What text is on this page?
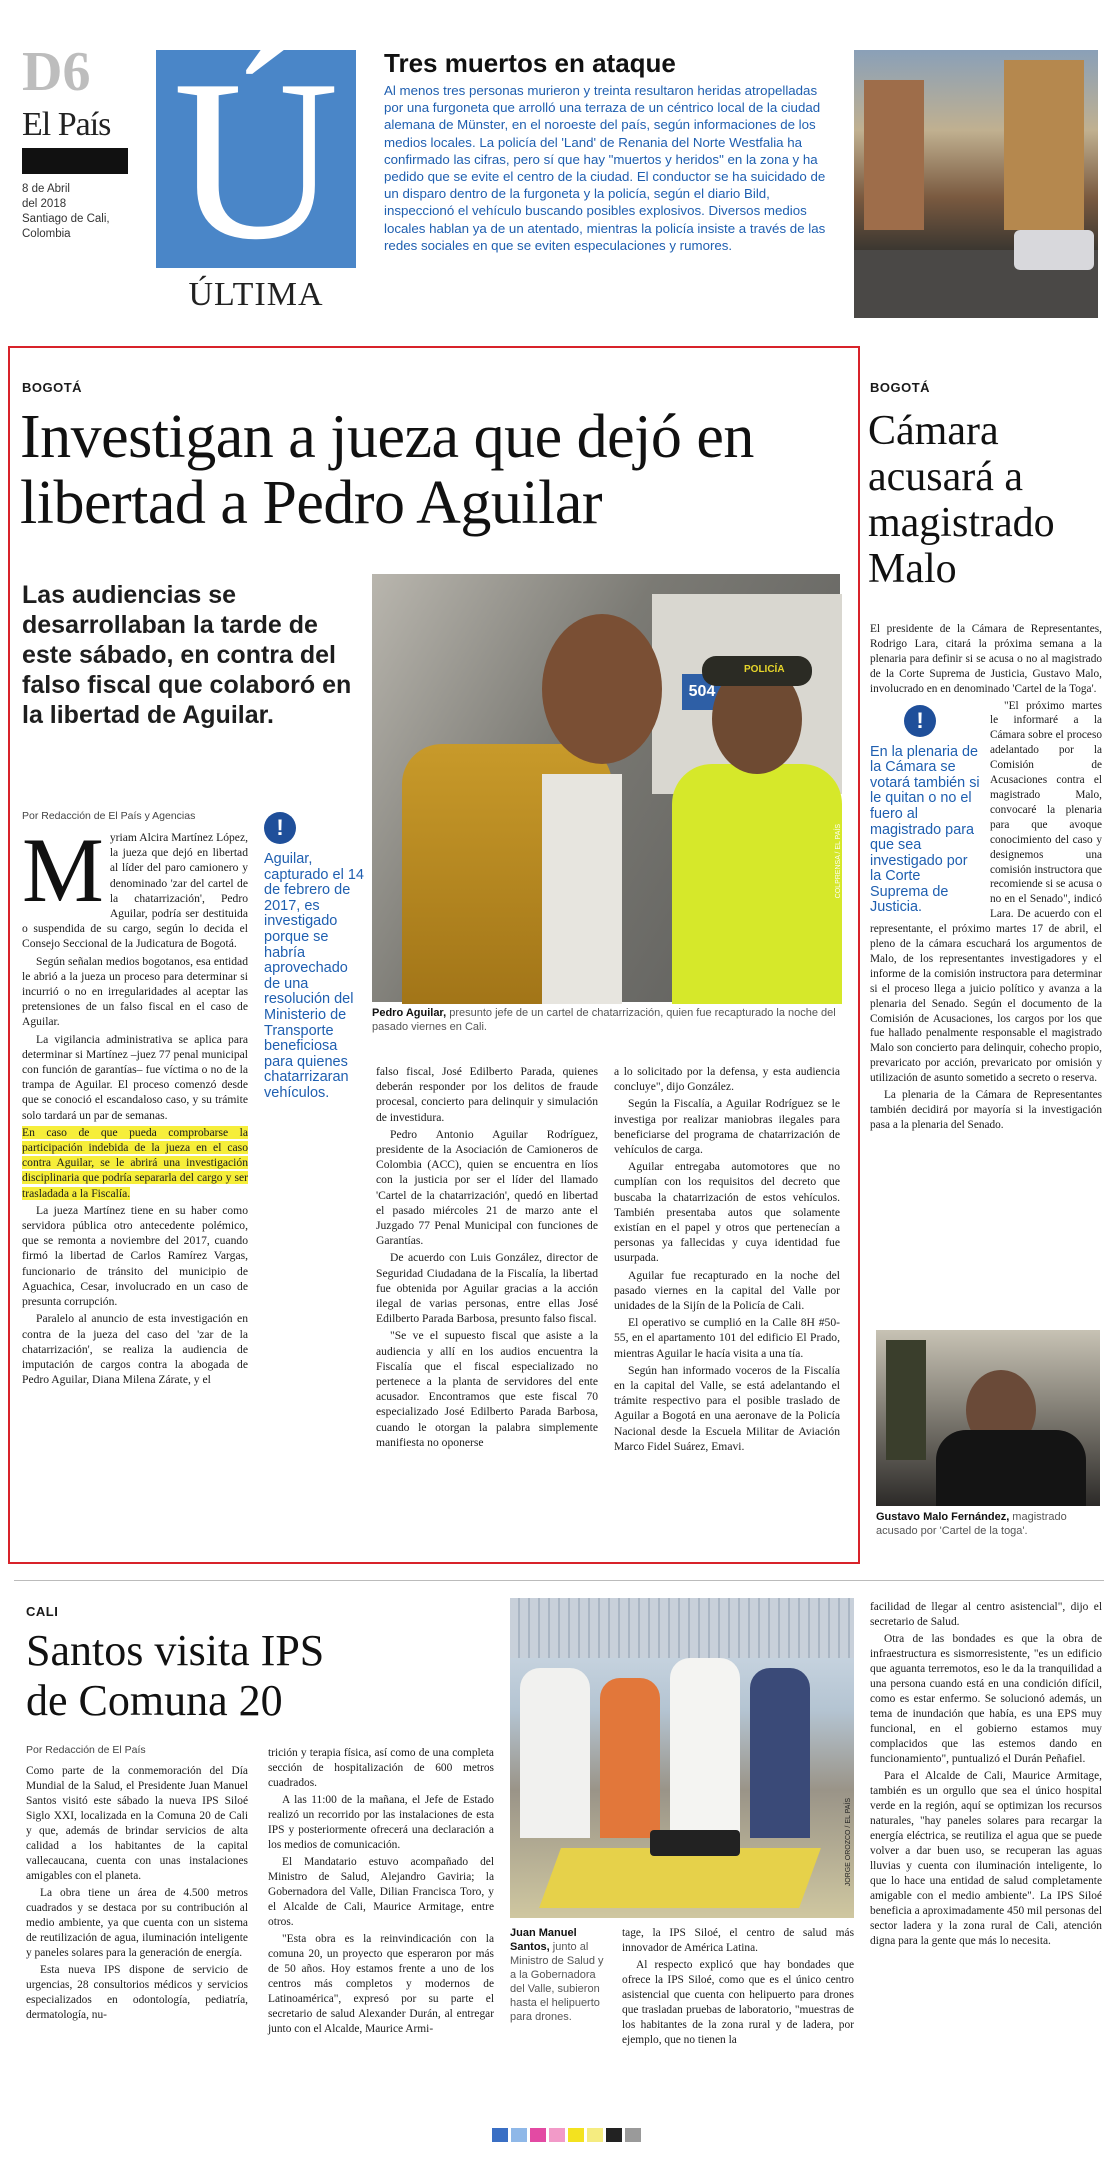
D6
El País
8 de Abril
del 2018
Santiago de Cali,
Colombia Ú
ÚLTIMA
Tres muertos en ataque
Al menos tres personas murieron y treinta resultaron heridas atropelladas por una furgoneta que arrolló una terraza de un céntrico local de la ciudad alemana de Münster, en el noroeste del país, según informaciones de los medios locales. La policía del 'Land' de Renania del Norte Westfalia ha confirmado las cifras, pero sí que hay "muertos y heridos" en la zona y ha pedido que se evite el centro de la ciudad. El conductor se ha suicidado de un disparo dentro de la furgoneta y la policía, según el diario Bild, inspeccionó el vehículo buscando posibles explosivos. Diversos medios locales hablan ya de un atentado, mientras la policía insiste a través de las redes sociales en que se eviten especulaciones y rumores.
BOGOTÁ
Investigan a jueza que dejó en libertad a Pedro Aguilar
Las audiencias se desarrollaban la tarde de este sábado, en contra del falso fiscal que colaboró en la libertad de Aguilar.
504
POLICÍA
COLPRENSA / EL PAÍS
Pedro Aguilar, presunto jefe de un cartel de chatarrización, quien fue recapturado la noche del pasado viernes en Cali.
Por Redacción de El País y Agencias
M yriam Alcira Martínez López, la jueza que dejó en libertad al líder del paro camionero y denominado 'zar del cartel de la chatarrización', Pedro Aguilar, podría ser destituida o suspendida de su cargo, según lo decida el Consejo Seccional de la Judicatura de Bogotá.

Según señalan medios bogotanos, esa entidad le abrió a la jueza un proceso para determinar si incurrió o no en irregularidades al aceptar las pretensiones de un falso fiscal en el caso de Aguilar.

La vigilancia administrativa se aplica para determinar si Martínez –juez 77 penal municipal con función de garantías– fue víctima o no de la trampa de Aguilar. El proceso comenzó desde que se conoció el escandaloso caso, y su trámite solo tardará un par de semanas.

En caso de que pueda comprobarse la participación indebida de la jueza en el caso contra Aguilar, se le abrirá una investigación disciplinaria que podría separarla del cargo y ser trasladada a la Fiscalía.

La jueza Martínez tiene en su haber como servidora pública otro antecedente polémico, que se remonta a noviembre del 2017, cuando firmó la libertad de Carlos Ramírez Vargas, funcionario de tránsito del municipio de Aguachica, Cesar, involucrado en un caso de presunta corrupción.

Paralelo al anuncio de esta investigación en contra de la jueza del caso del 'zar de la chatarrización', se realiza la audiencia de imputación de cargos contra la abogada de Pedro Aguilar, Diana Milena Zárate, y el

!
Aguilar, capturado el 14 de febrero de 2017, es investigado porque se habría aprovechado de una resolución del Ministerio de Transporte beneficiosa para quienes chatarrizaran vehículos.

falso fiscal, José Edilberto Parada, quienes deberán responder por los delitos de fraude procesal, concierto para delinquir y simulación de investidura.

Pedro Antonio Aguilar Rodríguez, presidente de la Asociación de Camioneros de Colombia (ACC), quien se encuentra en líos con la justicia por ser el líder del llamado 'Cartel de la chatarrización', quedó en libertad el pasado miércoles 21 de marzo ante el Juzgado 77 Penal Municipal con funciones de Garantías.

De acuerdo con Luis González, director de Seguridad Ciudadana de la Fiscalía, la libertad fue obtenida por Aguilar gracias a la acción ilegal de varias personas, entre ellas José Edilberto Parada Barbosa, presunto falso fiscal.

"Se ve el supuesto fiscal que asiste a la audiencia y allí en los audios encuentra la Fiscalía que el fiscal especializado no pertenece a la planta de servidores del ente acusador. Encontramos que este fiscal 70 especializado José Edilberto Parada Barbosa, cuando le otorgan la palabra simplemente manifiesta no oponerse

a lo solicitado por la defensa, y esta audiencia concluye", dijo González.

Según la Fiscalía, a Aguilar Rodríguez se le investiga por realizar maniobras ilegales para beneficiarse del programa de chatarrización de vehículos de carga.

Aguilar entregaba automotores que no cumplían con los requisitos del decreto que buscaba la chatarrización de estos vehículos. También presentaba autos que solamente existían en el papel y otros que pertenecían a personas ya fallecidas y cuya identidad fue usurpada.

Aguilar fue recapturado en la noche del pasado viernes en la capital del Valle por unidades de la Sijín de la Policía de Cali.

El operativo se cumplió en la Calle 8H #50-55, en el apartamento 101 del edificio El Prado, mientras Aguilar le hacía visita a una tía.

Según han informado voceros de la Fiscalía en la capital del Valle, se está adelantando el trámite respectivo para el posible traslado de Aguilar a Bogotá en una aeronave de la Policía Nacional desde la Escuela Militar de Aviación Marco Fidel Suárez, Emavi.

BOGOTÁ
Cámara acusará a magistrado Malo

El presidente de la Cámara de Representantes, Rodrigo Lara, citará la próxima semana a la plenaria para definir si se acusa o no al magistrado de la Corte Suprema de Justicia, Gustavo Malo, involucrado en en denominado 'Cartel de la Toga'.

!
En la plenaria de la Cámara se votará también si le quitan o no el fuero al magistrado para que sea investigado por la Corte Suprema de Justicia.

"El próximo martes le informaré a la Cámara sobre el proceso adelantado por la Comisión de Acusaciones contra el magistrado Malo, convocaré la plenaria para que avoque conocimiento del caso y designemos una comisión instructora que recomiende si se acusa o no en el Senado", indicó Lara. De acuerdo con el representante, el próximo martes 17 de abril, el pleno de la cámara escuchará los argumentos de Malo, de los representantes investigadores y el informe de la comisión instructora para determinar si el proceso llega a juicio político y avanza a la plenaria del Senado. Según el documento de la Comisión de Acusaciones, los cargos por los que fue hallado penalmente responsable el magistrado Malo son concierto para delinquir, cohecho propio, prevaricato por acción, prevaricato por omisión y utilización de asunto sometido a secreto o reserva.

La plenaria de la Cámara de Representantes también decidirá por mayoría si la investigación pasa a la plenaria del Senado.

Gustavo Malo Fernández, magistrado acusado por 'Cartel de la toga'.
CALI
Santos visita IPS de Comuna 20
Por Redacción de El País

Como parte de la conmemoración del Día Mundial de la Salud, el Presidente Juan Manuel Santos visitó este sábado la nueva IPS Siloé Siglo XXI, localizada en la Comuna 20 de Cali y que, además de brindar servicios de alta calidad a los habitantes de la capital vallecaucana, cuenta con unas instalaciones amigables con el planeta.

La obra tiene un área de 4.500 metros cuadrados y se destaca por su contribución al medio ambiente, ya que cuenta con un sistema de reutilización de agua, iluminación inteligente y paneles solares para la generación de energía.

Esta nueva IPS dispone de servicio de urgencias, 28 consultorios médicos y servicios especializados en odontología, pediatría, dermatología, nu-

trición y terapia física, así como de una completa sección de hospitalización de 600 metros cuadrados.

A las 11:00 de la mañana, el Jefe de Estado realizó un recorrido por las instalaciones de esta IPS y posteriormente ofrecerá una declaración a los medios de comunicación.

El Mandatario estuvo acompañado del Ministro de Salud, Alejandro Gaviria; la Gobernadora del Valle, Dilian Francisca Toro, y el Alcalde de Cali, Maurice Armitage, entre otros.

"Esta obra es la reinvindicación con la comuna 20, un proyecto que esperaron por más de 50 años. Hoy estamos frente a uno de los centros más completos y modernos de Latinoamérica", expresó por su parte el secretario de salud Alexander Durán, al entregar junto con el Alcalde, Maurice Armi-

JORGE OROZCO / EL PAÍS
Juan Manuel Santos, junto al Ministro de Salud y a la Gobernadora del Valle, subieron hasta el helipuerto para drones.

tage, la IPS Siloé, el centro de salud más innovador de América Latina.

Al respecto explicó que hay bondades que ofrece la IPS Siloé, como que es el único centro asistencial que cuenta con helipuerto para drones que trasladan pruebas de laboratorio, "muestras de los habitantes de la zona rural y de ladera, por ejemplo, que no tienen la

facilidad de llegar al centro asistencial", dijo el secretario de Salud.

Otra de las bondades es que la obra de infraestructura es sismorresistente, "es un edificio que aguanta terremotos, eso le da la tranquilidad a una persona cuando está en una condición difícil, como es estar enfermo. Se solucionó además, un tema de inundación que había, es una EPS muy funcional, en el gobierno estamos muy complacidos que las estemos dando en funcionamiento", puntualizó el Durán Peñafiel.

Para el Alcalde de Cali, Maurice Armitage, también es un orgullo que sea el único hospital verde en la región, aquí se optimizan los recursos naturales, "hay paneles solares para recargar la energía eléctrica, se reutiliza el agua que se puede volver a dar buen uso, se recuperan las aguas lluvias y cuenta con iluminación inteligente, lo que lo hace una entidad de salud completamente amigable con el medio ambiente". La IPS Siloé beneficia a aproximadamente 450 mil personas del sector ladera y la zona rural de Cali, atención digna para la gente que más lo necesita.
